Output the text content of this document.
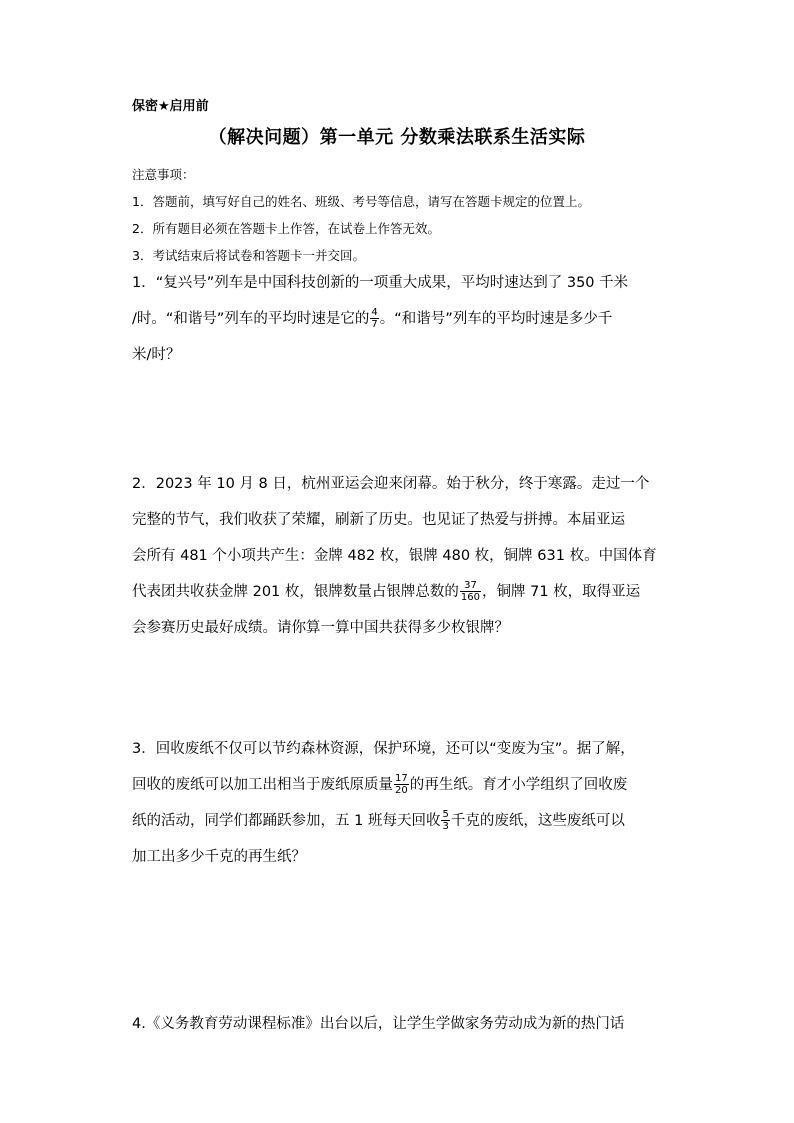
保密★启用前
（解决问题）第一单元 分数乘法联系生活实际
注意事项：
1．答题前，填写好自己的姓名、班级、考号等信息，请写在答题卡规定的位置上。
2．所有题目必须在答题卡上作答，在试卷上作答无效。
3．考试结束后将试卷和答题卡一并交回。
1．“复兴号”列车是中国科技创新的一项重大成果，平均时速达到了 350 千米
/时。“和谐号”列车的平均时速是它的 $\frac{4}{7}$ 。“和谐号”列车的平均时速是多少千
米/时？
2．2023 年 10 月 8 日，杭州亚运会迎来闭幕。始于秋分，终于寒露。走过一个
完整的节气，我们收获了荣耀，刷新了历史。也见证了热爱与拼搏。本届亚运
会所有 481 个小项共产生：金牌 482 枚，银牌 480 枚，铜牌 631 枚。中国体育
代表团共收获金牌 201 枚，银牌数量占银牌总数的 $\frac{37}{160}$ ，铜牌 71 枚，取得亚运
会参赛历史最好成绩。请你算一算中国共获得多少枚银牌？
3．回收废纸不仅可以节约森林资源，保护环境，还可以“变废为宝”。据了解，
回收的废纸可以加工出相当于废纸原质量 $\frac{17}{20}$ 的再生纸。育才小学组织了回收废
纸的活动，同学们都踊跃参加，五 1 班每天回收 $\frac{5}{3}$ 千克的废纸，这些废纸可以
加工出多少千克的再生纸？
4.《义务教育劳动课程标准》出台以后，让学生学做家务劳动成为新的热门话
